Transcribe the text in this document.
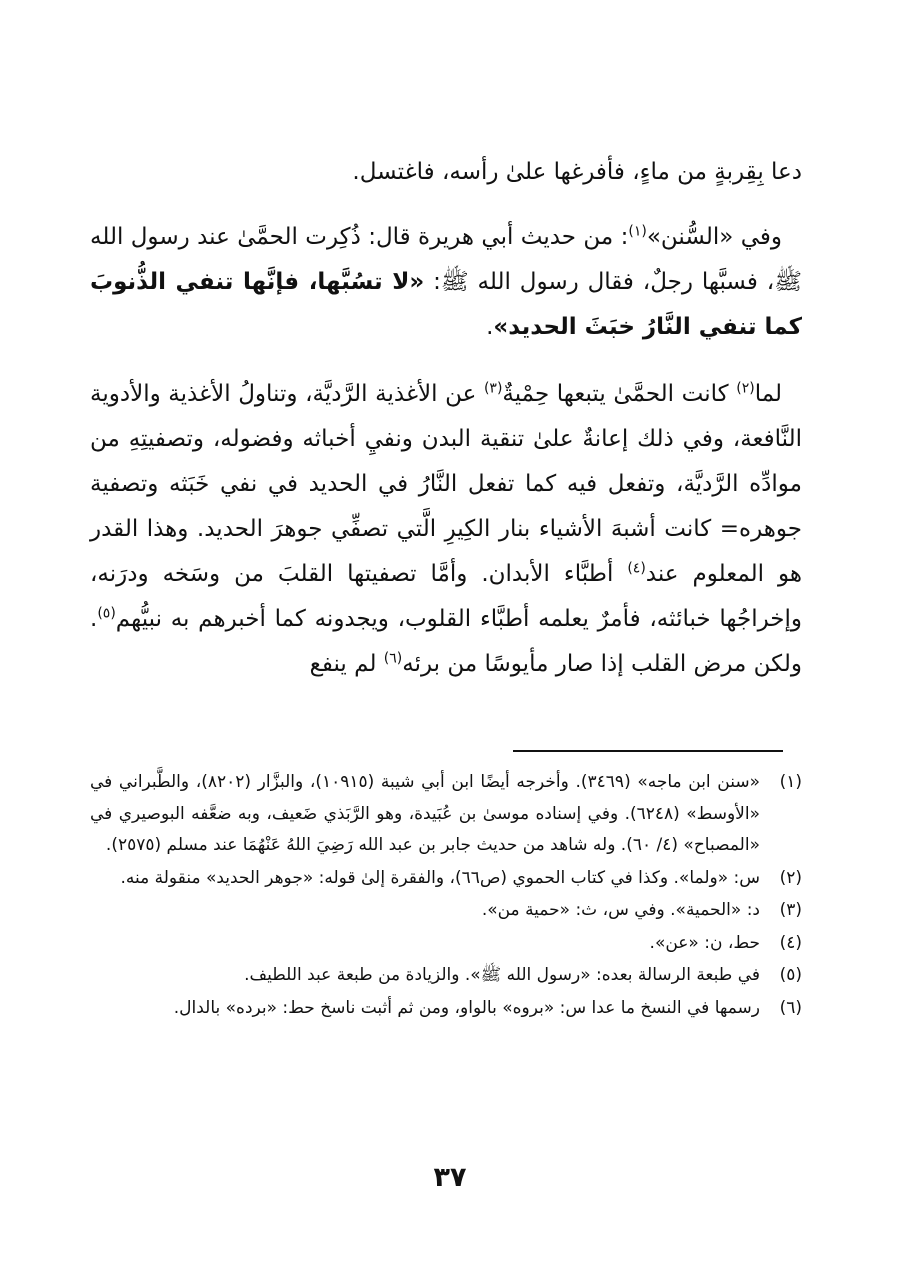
دعا بِقِربةٍ من ماءٍ، فأفرغها علىٰ رأسه، فاغتسل.

وفي «السُّنن»$^{(١)}$: من حديث أبي هريرة قال: ذُكِرت الحمَّىٰ عند رسول الله ﷺ، فسبَّها رجلٌ، فقال رسول الله ﷺ: «لا تسُبَّها، فإنَّها تنفي الذُّنوبَ كما تنفي النَّارُ خبَثَ الحديد».

لما$^{(٢)}$ كانت الحمَّىٰ يتبعها حِمْيةٌ$^{(٣)}$ عن الأغذية الرَّديَّة، وتناولُ الأغذية والأدوية النَّافعة، وفي ذلك إعانةٌ علىٰ تنقية البدن ونفيِ أخباثه وفضوله، وتصفيتِهِ من موادِّه الرَّديَّة، وتفعل فيه كما تفعل النَّارُ في الحديد في نفي خَبَثه وتصفية جوهره= كانت أشبهَ الأشياء بنار الكِيرِ الَّتي تصفِّي جوهرَ الحديد. وهذا القدر هو المعلوم عند$^{(٤)}$ أطبَّاء الأبدان. وأمَّا تصفيتها القلبَ من وسَخه ودرَنه، وإخراجُها خبائثه، فأمرٌ يعلمه أطبَّاء القلوب، ويجدونه كما أخبرهم به نبيُّهم$^{(٥)}$. ولكن مرض القلب إذا صار مأيوسًا من برئه$^{(٦)}$ لم ينفع

(١)
«سنن ابن ماجه» (٣٤٦٩). وأخرجه أيضًا ابن أبي شيبة (١٠٩١٥)، والبزَّار (٨٢٠٢)، والطَّبراني في «الأوسط» (٦٢٤٨). وفي إسناده موسىٰ بن عُبَيدة، وهو الرَّبَذي ضَعيف، وبه ضعَّفه البوصيري في «المصباح» (٤/ ٦٠). وله شاهد من حديث جابر بن عبد الله رَضِيَ اللهُ عَنْهُمَا عند مسلم (٢٥٧٥).
(٢)
س: «ولما». وكذا في كتاب الحموي (ص٦٦)، والفقرة إلىٰ قوله: «جوهر الحديد» منقولة منه.
(٣)
د: «الحمية». وفي س، ث: «حمية من».
(٤)
حط، ن: «عن».
(٥)
في طبعة الرسالة بعده: «رسول الله ﷺ». والزيادة من طبعة عبد اللطيف.
(٦)
رسمها في النسخ ما عدا س: «بروه» بالواو، ومن ثم أثبت ناسخ حط: «برده» بالدال.
٣٧
